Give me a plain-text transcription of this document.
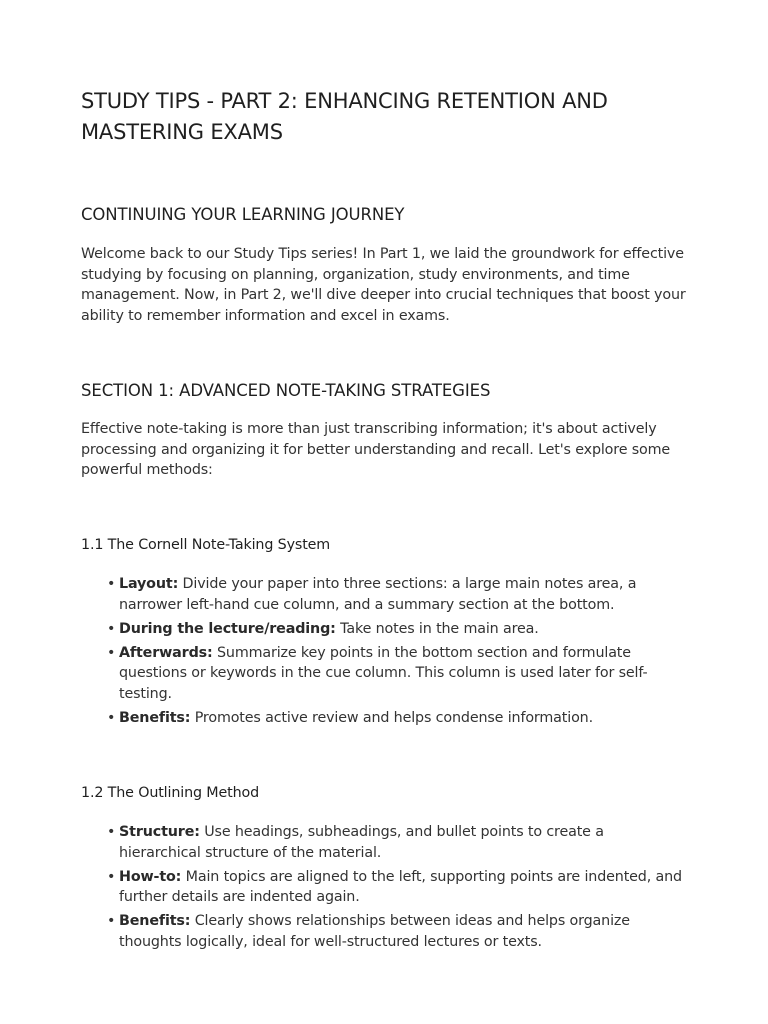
STUDY TIPS - PART 2: ENHANCING RETENTION AND MASTERING EXAMS
CONTINUING YOUR LEARNING JOURNEY

Welcome back to our Study Tips series! In Part 1, we laid the groundwork for effective studying by focusing on planning, organization, study environments, and time management. Now, in Part 2, we'll dive deeper into crucial techniques that boost your ability to remember information and excel in exams.

SECTION 1: ADVANCED NOTE-TAKING STRATEGIES

Effective note-taking is more than just transcribing information; it's about actively processing and organizing it for better understanding and recall. Let's explore some powerful methods:

1.1 The Cornell Note-Taking System
• Layout: Divide your paper into three sections: a large main notes area, a narrower left-hand cue column, and a summary section at the bottom.
• During the lecture/reading: Take notes in the main area.
• Afterwards: Summarize key points in the bottom section and formulate questions or keywords in the cue column. This column is used later for self-testing.
• Benefits: Promotes active review and helps condense information.
1.2 The Outlining Method
• Structure: Use headings, subheadings, and bullet points to create a hierarchical structure of the material.
• How-to: Main topics are aligned to the left, supporting points are indented, and further details are indented again.
• Benefits: Clearly shows relationships between ideas and helps organize thoughts logically, ideal for well-structured lectures or texts.
